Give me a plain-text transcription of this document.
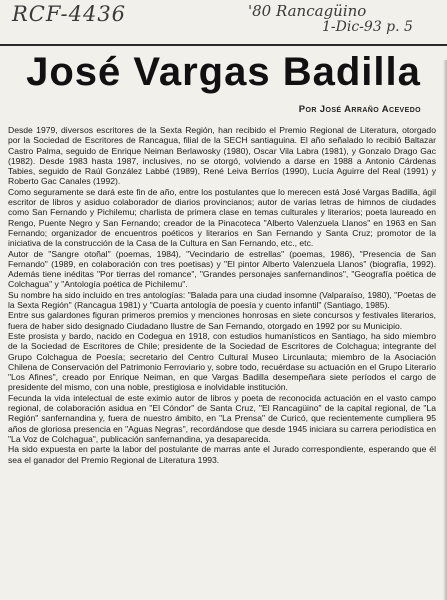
RCF-4436	'80 Rancagüino
1-Dic-93 p. 5
José Vargas Badilla
Por José Arraño Acevedo

Desde 1979, diversos escritores de la Sexta Región, han recibido el Premio Regional de Literatura, otorgado por la Sociedad de Escritores de Rancagua, filial de la SECH santiaguina. El año señalado lo recibió Baltazar Castro Palma, seguido de Enrique Neiman Berlawosky (1980), Oscar Vila Labra (1981), y Gonzalo Drago Gac (1982). Desde 1983 hasta 1987, inclusives, no se otorgó, volviendo a darse en 1988 a Antonio Cárdenas Tabies, seguido de Raúl González Labbé (1989), René Leiva Berríos (1990), Lucía Aguirre del Real (1991) y Roberto Gac Canales (1992).

Como seguramente se dará este fin de año, entre los postulantes que lo merecen está José Vargas Badilla, ágil escritor de libros y asiduo colaborador de diarios provincianos; autor de varias letras de himnos de ciudades como San Fernando y Pichilemu; charlista de primera clase en temas culturales y literarios; poeta laureado en Rengo, Puente Negro y San Fernando; creador de la Pinacoteca "Alberto Valenzuela Llanos" en 1963 en San Fernando; organizador de encuentros poéticos y literarios en San Fernando y Santa Cruz; promotor de la iniciativa de la construcción de la Casa de la Cultura en San Fernando, etc., etc.

Autor de "Sangre otoñal" (poemas, 1984), "Vecindario de estrellas" (poemas, 1986), "Presencia de San Fernando" (1989, en colaboración con tres poetisas) y "El pintor Alberto Valenzuela Llanos" (biografía, 1992). Además tiene inéditas "Por tierras del romance", "Grandes personajes sanfernandinos", "Geografía poética de Colchagua" y "Antología poética de Pichilemu".

Su nombre ha sido incluido en tres antologías: "Balada para una ciudad insomne (Valparaíso, 1980), "Poetas de la Sexta Región" (Rancagua 1981) y "Cuarta antología de poesía y cuento infantil" (Santiago, 1985).

Entre sus galardones figuran primeros premios y menciones honrosas en siete concursos y festivales literarios, fuera de haber sido designado Ciudadano Ilustre de San Fernando, otorgado en 1992 por su Municipio.

Este prosista y bardo, nacido en Codegua en 1918, con estudios humanísticos en Santiago, ha sido miembro de la Sociedad de Escritores de Chile; presidente de la Sociedad de Escritores de Colchagua; integrante del Grupo Colchagua de Poesía; secretario del Centro Cultural Museo Lircunlauta; miembro de la Asociación Chilena de Conservación del Patrimonio Ferroviario y, sobre todo, recuérdase su actuación en el Grupo Literario "Los Afines", creado por Enrique Neiman, en que Vargas Badilla desempeñara siete períodos el cargo de presidente del mismo, con una noble, prestigiosa e inolvidable institución.

Fecunda la vida intelectual de este eximio autor de libros y poeta de reconocida actuación en el vasto campo regional, de colaboración asidua en "El Cóndor" de Santa Cruz, "El Rancagüino" de la capital regional, de "La Región" sanfernandina y, fuera de nuestro ámbito, en "La Prensa" de Curicó, que recientemente cumpliera 95 años de gloriosa presencia en "Aguas Negras", recordándose que desde 1945 iniciara su carrera periodística en "La Voz de Colchagua", publicación sanfernandina, ya desaparecida.

Ha sido expuesta en parte la labor del postulante de marras ante el Jurado correspondiente, esperando que él sea el ganador del Premio Regional de Literatura 1993.
